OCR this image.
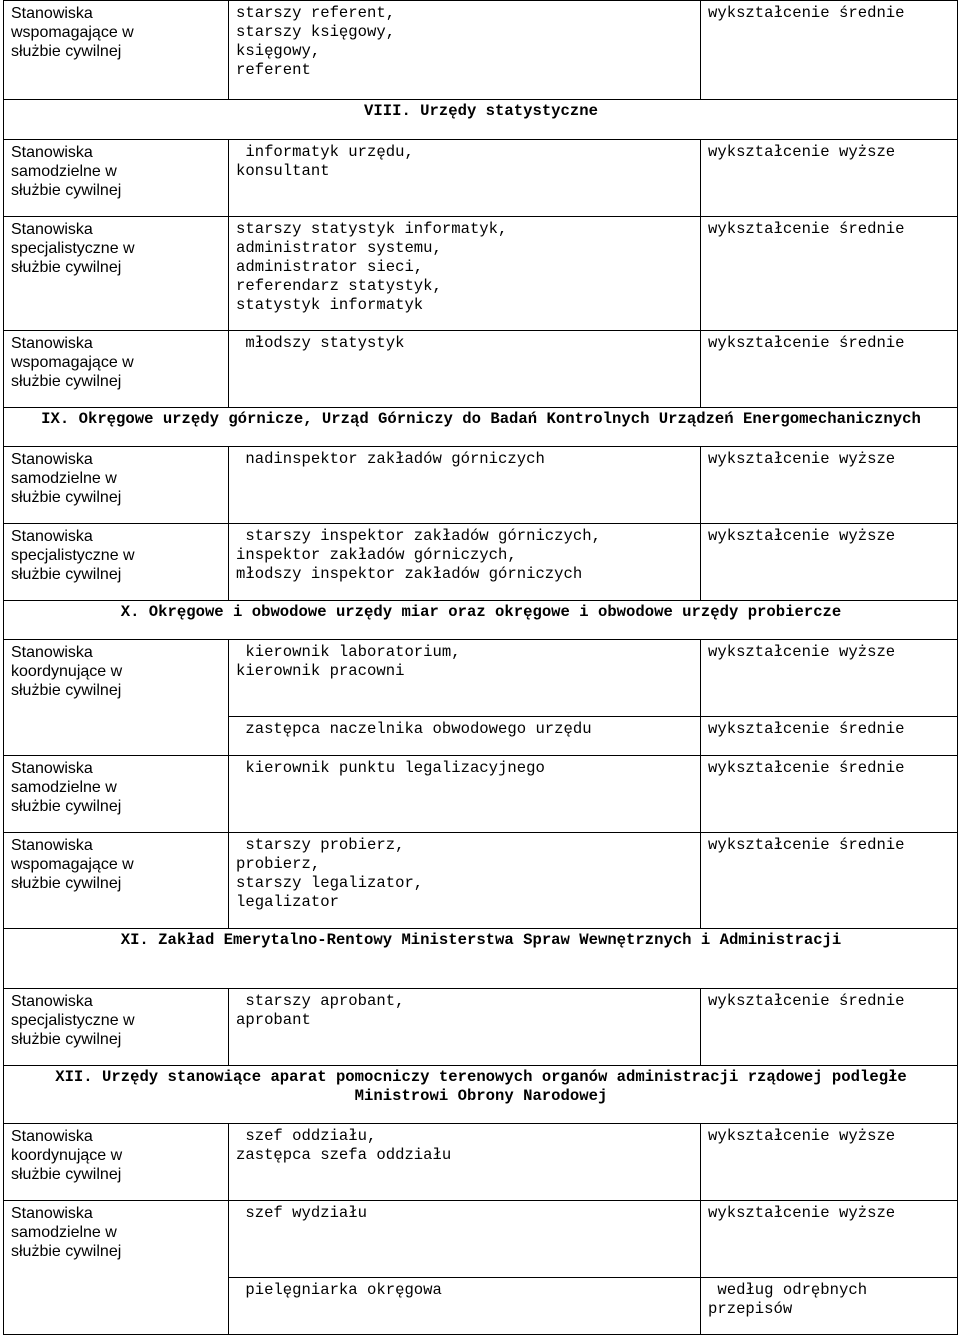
Stanowiska
wspomagające w
służbie cywilnej	starszy referent,
starszy księgowy,
księgowy,
referent	wykształcenie średnie

VIII. Urzędy statystyczne		

Stanowiska
samodzielne w
służbie cywilnej	informatyk urzędu,
konsultant	wykształcenie wyższe

Stanowiska
specjalistyczne w
służbie cywilnej	starszy statystyk informatyk,
administrator systemu,
administrator sieci,
referendarz statystyk,
statystyk informatyk	wykształcenie średnie

Stanowiska
wspomagające w
służbie cywilnej	młodszy statystyk	wykształcenie średnie

IX. Okręgowe urzędy górnicze, Urząd Górniczy do Badań Kontrolnych Urządzeń Energomechanicznych		

Stanowiska
samodzielne w
służbie cywilnej	nadinspektor zakładów górniczych	wykształcenie wyższe

Stanowiska
specjalistyczne w
służbie cywilnej	starszy inspektor zakładów górniczych,
inspektor zakładów górniczych,
młodszy inspektor zakładów górniczych	wykształcenie wyższe

X. Okręgowe i obwodowe urzędy miar oraz okręgowe i obwodowe urzędy probiercze		

Stanowiska
koordynujące w
służbie cywilnej	kierownik laboratorium,
kierownik pracowni	wykształcenie wyższe

	zastępca naczelnika obwodowego urzędu	wykształcenie średnie

Stanowiska
samodzielne w
służbie cywilnej	kierownik punktu legalizacyjnego	wykształcenie średnie

Stanowiska
wspomagające w
służbie cywilnej	starszy probierz,
probierz,
starszy legalizator,
legalizator	wykształcenie średnie

XI. Zakład Emerytalno-Rentowy Ministerstwa Spraw Wewnętrznych i Administracji		

Stanowiska
specjalistyczne w
służbie cywilnej	starszy aprobant,
aprobant	wykształcenie średnie

XII. Urzędy stanowiące aparat pomocniczy terenowych organów administracji rządowej podległe
Ministrowi Obrony Narodowej		

Stanowiska
koordynujące w
służbie cywilnej	szef oddziału,
zastępca szefa oddziału	wykształcenie wyższe

Stanowiska
samodzielne w
służbie cywilnej	szef wydziału	wykształcenie wyższe

	pielęgniarka okręgowa	według odrębnych
przepisów
